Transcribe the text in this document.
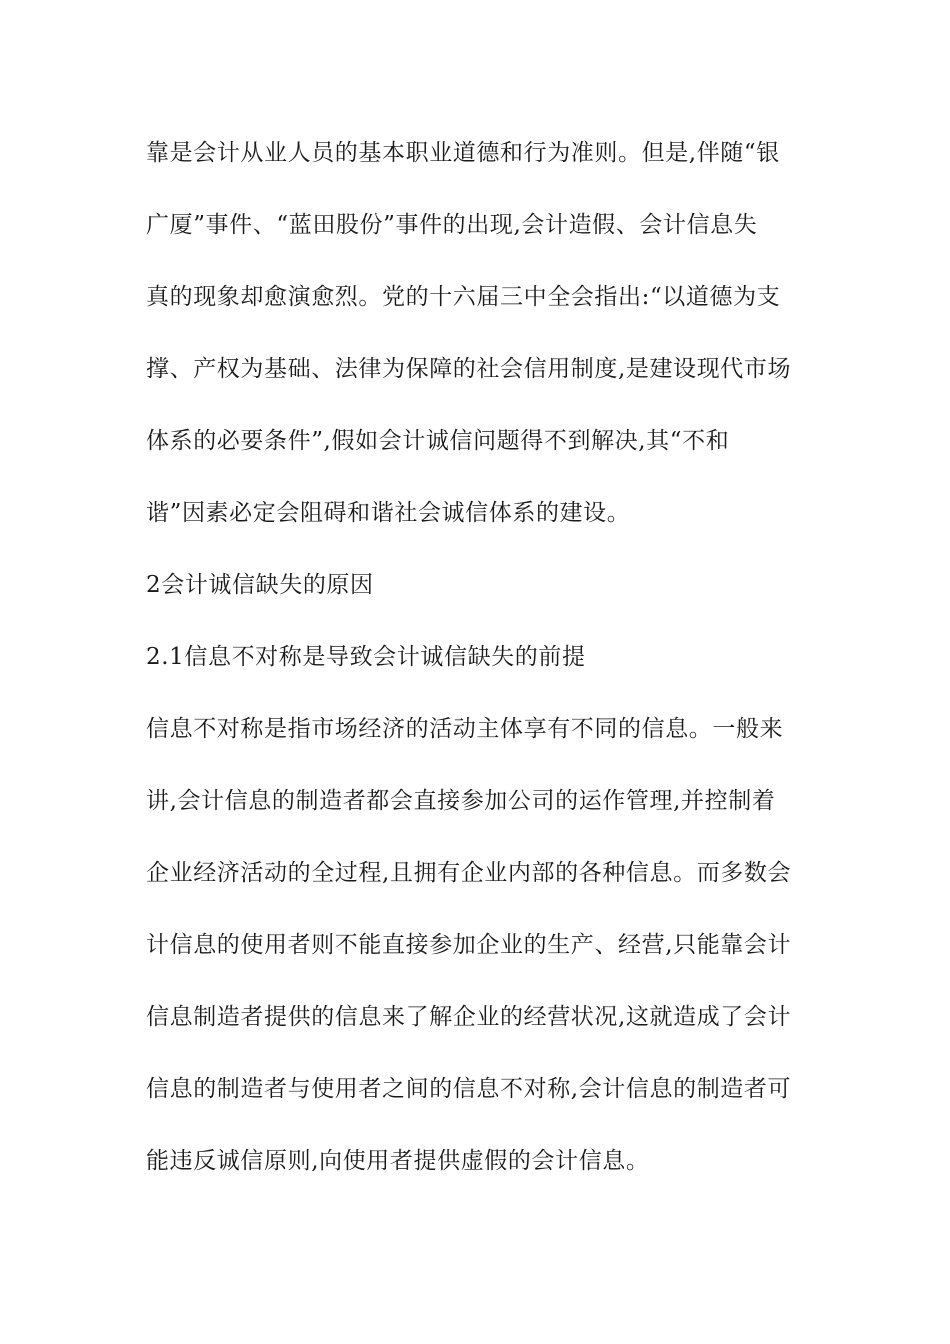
靠是会计从业人员的基本职业道德和行为准则。但是,伴随“银
广厦”事件、“蓝田股份”事件的出现,会计造假、会计信息失
真的现象却愈演愈烈。党的十六届三中全会指出:“以道德为支
撑、产权为基础、法律为保障的社会信用制度,是建设现代市场
体系的必要条件”,假如会计诚信问题得不到解决,其“不和
谐”因素必定会阻碍和谐社会诚信体系的建设。
2会计诚信缺失的原因
2.1信息不对称是导致会计诚信缺失的前提
信息不对称是指市场经济的活动主体享有不同的信息。一般来
讲,会计信息的制造者都会直接参加公司的运作管理,并控制着
企业经济活动的全过程,且拥有企业内部的各种信息。而多数会
计信息的使用者则不能直接参加企业的生产、经营,只能靠会计
信息制造者提供的信息来了解企业的经营状况,这就造成了会计
信息的制造者与使用者之间的信息不对称,会计信息的制造者可
能违反诚信原则,向使用者提供虚假的会计信息。
